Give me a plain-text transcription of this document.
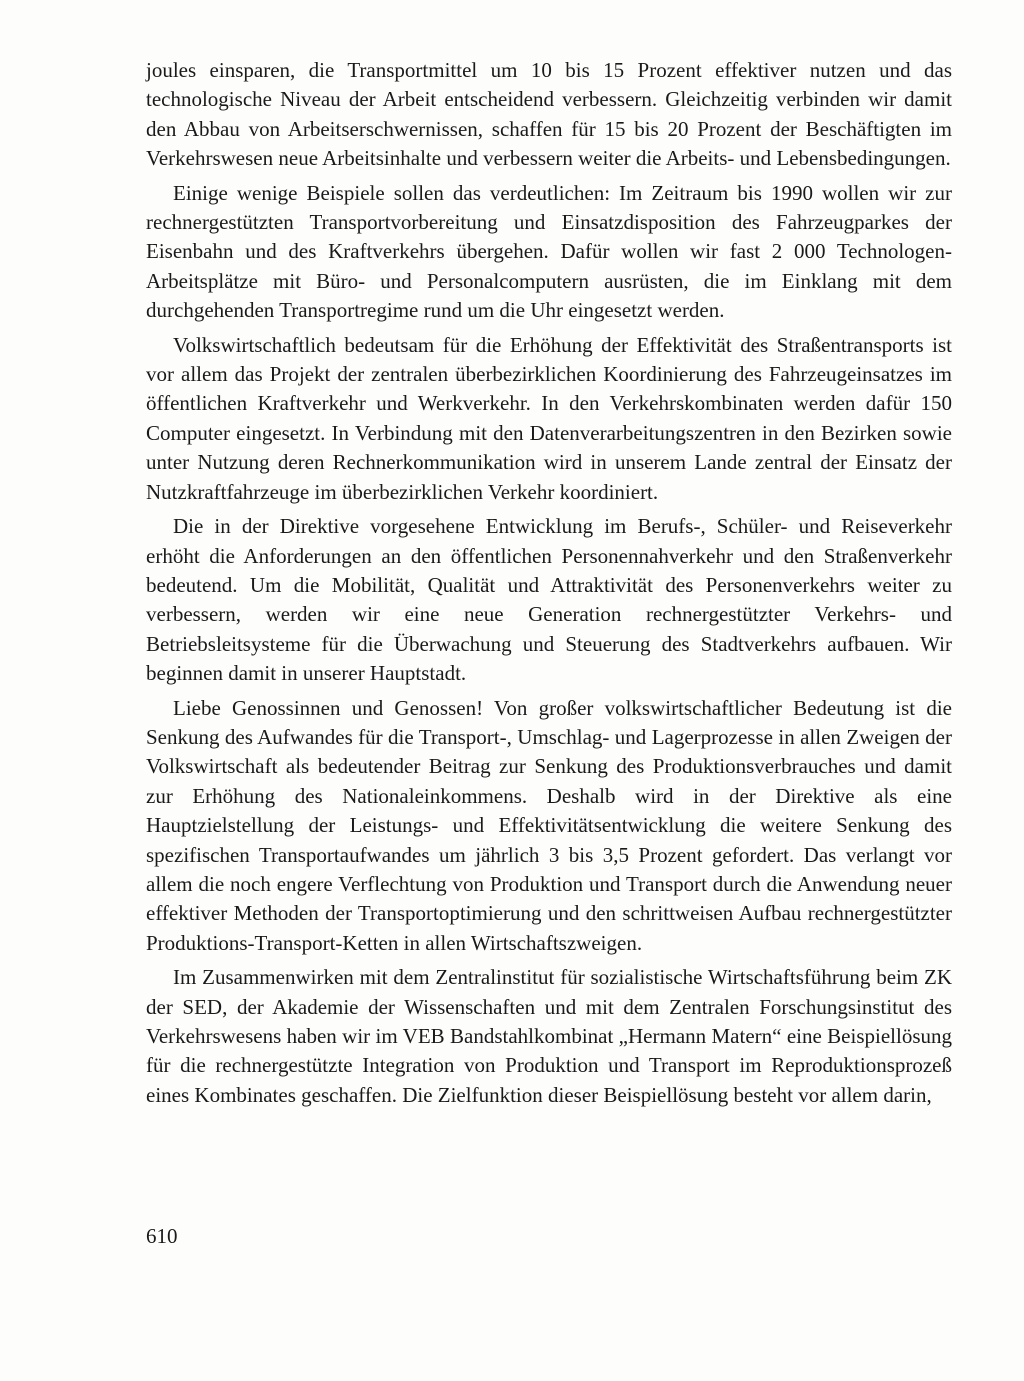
joules einsparen, die Transportmittel um 10 bis 15 Prozent effektiver nutzen und das technologische Niveau der Arbeit entscheidend verbessern. Gleichzeitig verbinden wir damit den Abbau von Arbeitserschwernissen, schaffen für 15 bis 20 Prozent der Beschäftigten im Verkehrswesen neue Arbeitsinhalte und verbessern weiter die Arbeits- und Lebensbedingungen.

Einige wenige Beispiele sollen das verdeutlichen: Im Zeitraum bis 1990 wollen wir zur rechnergestützten Transportvorbereitung und Einsatzdisposition des Fahrzeugparkes der Eisenbahn und des Kraftverkehrs übergehen. Dafür wollen wir fast 2 000 Technologen-Arbeitsplätze mit Büro- und Personalcomputern ausrüsten, die im Einklang mit dem durchgehenden Transportregime rund um die Uhr eingesetzt werden.

Volkswirtschaftlich bedeutsam für die Erhöhung der Effektivität des Straßentransports ist vor allem das Projekt der zentralen überbezirklichen Koordinierung des Fahrzeugeinsatzes im öffentlichen Kraftverkehr und Werkverkehr. In den Verkehrskombinaten werden dafür 150 Computer eingesetzt. In Verbindung mit den Datenverarbeitungszentren in den Bezirken sowie unter Nutzung deren Rechnerkommunikation wird in unserem Lande zentral der Einsatz der Nutzkraftfahrzeuge im überbezirklichen Verkehr koordiniert.

Die in der Direktive vorgesehene Entwicklung im Berufs-, Schüler- und Reiseverkehr erhöht die Anforderungen an den öffentlichen Personennahverkehr und den Straßenverkehr bedeutend. Um die Mobilität, Qualität und Attraktivität des Personenverkehrs weiter zu verbessern, werden wir eine neue Generation rechnergestützter Verkehrs- und Betriebsleitsysteme für die Überwachung und Steuerung des Stadtverkehrs aufbauen. Wir beginnen damit in unserer Hauptstadt.

Liebe Genossinnen und Genossen! Von großer volkswirtschaftlicher Bedeutung ist die Senkung des Aufwandes für die Transport-, Umschlag- und Lagerprozesse in allen Zweigen der Volkswirtschaft als bedeutender Beitrag zur Senkung des Produktionsverbrauches und damit zur Erhöhung des Nationaleinkommens. Deshalb wird in der Direktive als eine Hauptzielstellung der Leistungs- und Effektivitätsentwicklung die weitere Senkung des spezifischen Transportaufwandes um jährlich 3 bis 3,5 Prozent gefordert. Das verlangt vor allem die noch engere Verflechtung von Produktion und Transport durch die Anwendung neuer effektiver Methoden der Transportoptimierung und den schrittweisen Aufbau rechnergestützter Produktions-Transport-Ketten in allen Wirtschaftszweigen.

Im Zusammenwirken mit dem Zentralinstitut für sozialistische Wirtschaftsführung beim ZK der SED, der Akademie der Wissenschaften und mit dem Zentralen Forschungsinstitut des Verkehrswesens haben wir im VEB Bandstahlkombinat „Hermann Matern“ eine Beispiellösung für die rechnergestützte Integration von Produktion und Transport im Reproduktionsprozeß eines Kombinates geschaffen. Die Zielfunktion dieser Beispiellösung besteht vor allem darin,

610
